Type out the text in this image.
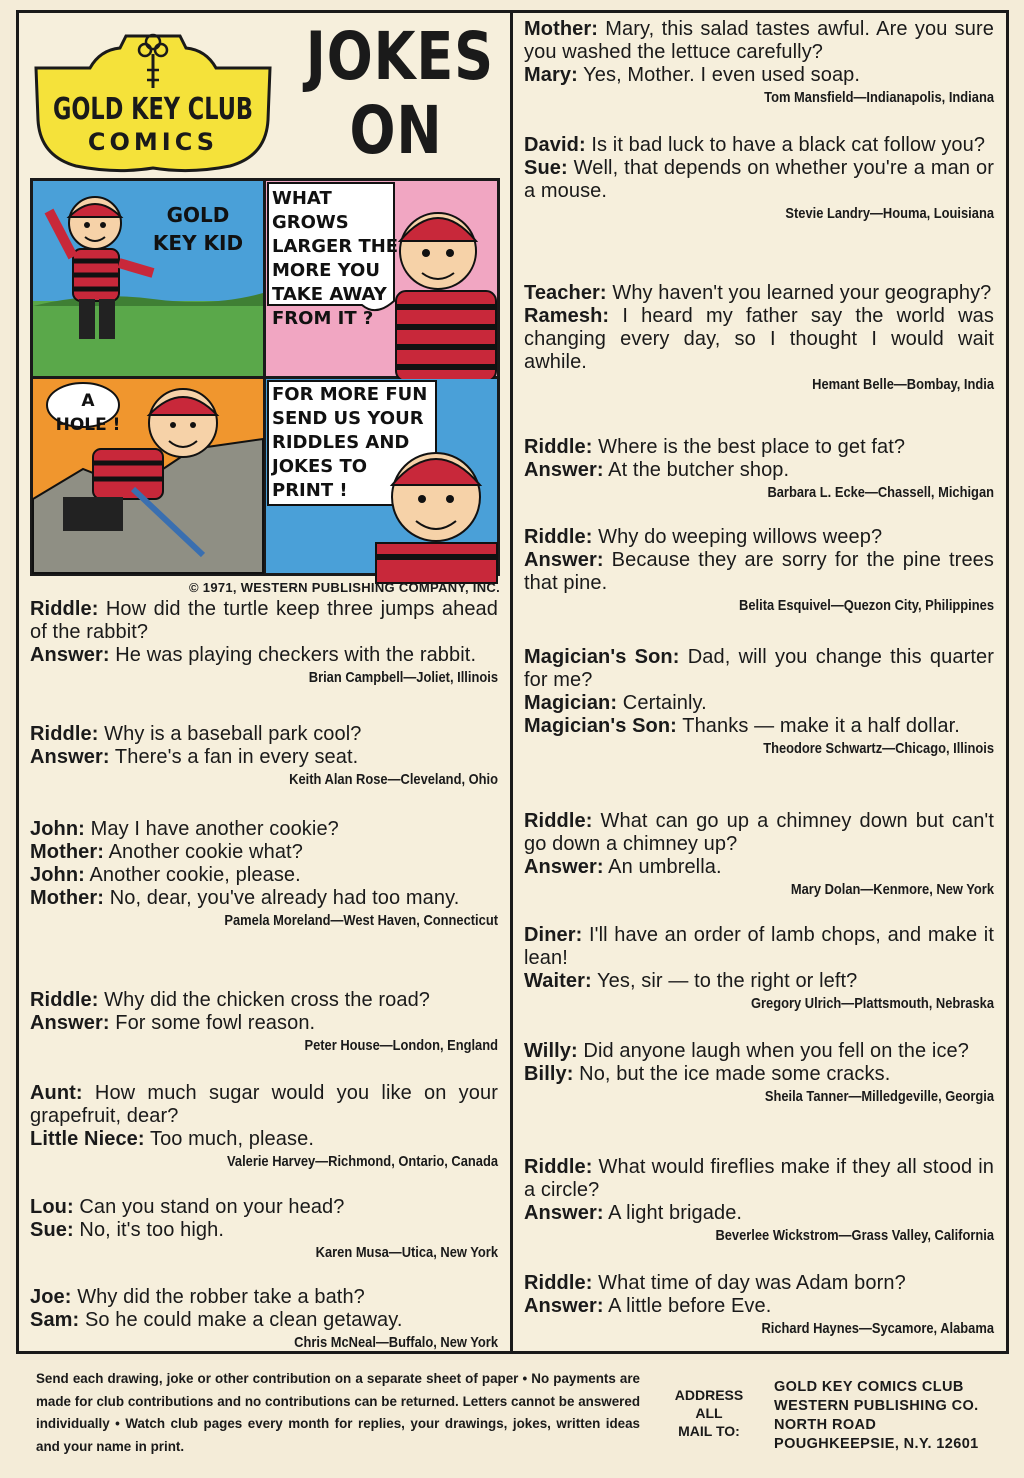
GOLD KEY CLUB
COMICS
JOKES
ON
GOLD
KEY KID
WHAT GROWS
LARGER THE
MORE YOU
TAKE AWAY
FROM IT ?
A
HOLE !
FOR MORE FUN
SEND US YOUR
RIDDLES AND
JOKES TO
PRINT !
© 1971, WESTERN PUBLISHING COMPANY, INC.
Riddle: How did the turtle keep three jumps ahead of the rabbit?
Answer: He was playing checkers with the rabbit.
Brian Campbell—Joliet, Illinois
Riddle: Why is a baseball park cool?
Answer: There's a fan in every seat.
Keith Alan Rose—Cleveland, Ohio
John: May I have another cookie?
Mother: Another cookie what?
John: Another cookie, please.
Mother: No, dear, you've already had too many.
Pamela Moreland—West Haven, Connecticut
Riddle: Why did the chicken cross the road?
Answer: For some fowl reason.
Peter House—London, England
Aunt: How much sugar would you like on your grapefruit, dear?
Little Niece: Too much, please.
Valerie Harvey—Richmond, Ontario, Canada
Lou: Can you stand on your head?
Sue: No, it's too high.
Karen Musa—Utica, New York
Joe: Why did the robber take a bath?
Sam: So he could make a clean getaway.
Chris McNeal—Buffalo, New York
Mother: Mary, this salad tastes awful. Are you sure you washed the lettuce carefully?
Mary: Yes, Mother. I even used soap.
Tom Mansfield—Indianapolis, Indiana
David: Is it bad luck to have a black cat follow you?
Sue: Well, that depends on whether you're a man or a mouse.
Stevie Landry—Houma, Louisiana
Teacher: Why haven't you learned your geography?
Ramesh: I heard my father say the world was changing every day, so I thought I would wait awhile.
Hemant Belle—Bombay, India
Riddle: Where is the best place to get fat?
Answer: At the butcher shop.
Barbara L. Ecke—Chassell, Michigan
Riddle: Why do weeping willows weep?
Answer: Because they are sorry for the pine trees that pine.
Belita Esquivel—Quezon City, Philippines
Magician's Son: Dad, will you change this quarter for me?
Magician: Certainly.
Magician's Son: Thanks — make it a half dollar.
Theodore Schwartz—Chicago, Illinois
Riddle: What can go up a chimney down but can't go down a chimney up?
Answer: An umbrella.
Mary Dolan—Kenmore, New York
Diner: I'll have an order of lamb chops, and make it lean!
Waiter: Yes, sir — to the right or left?
Gregory Ulrich—Plattsmouth, Nebraska
Willy: Did anyone laugh when you fell on the ice?
Billy: No, but the ice made some cracks.
Sheila Tanner—Milledgeville, Georgia
Riddle: What would fireflies make if they all stood in a circle?
Answer: A light brigade.
Beverlee Wickstrom—Grass Valley, California
Riddle: What time of day was Adam born?
Answer: A little before Eve.
Richard Haynes—Sycamore, Alabama
Send each drawing, joke or other contribution on a separate sheet of paper • No payments are made for club contributions and no contributions can be returned. Letters cannot be answered individually • Watch club pages every month for replies, your drawings, jokes, written ideas and your name in print.
ADDRESS
ALL
MAIL TO:
GOLD KEY COMICS CLUB
WESTERN PUBLISHING CO.
NORTH ROAD
POUGHKEEPSIE, N.Y. 12601
